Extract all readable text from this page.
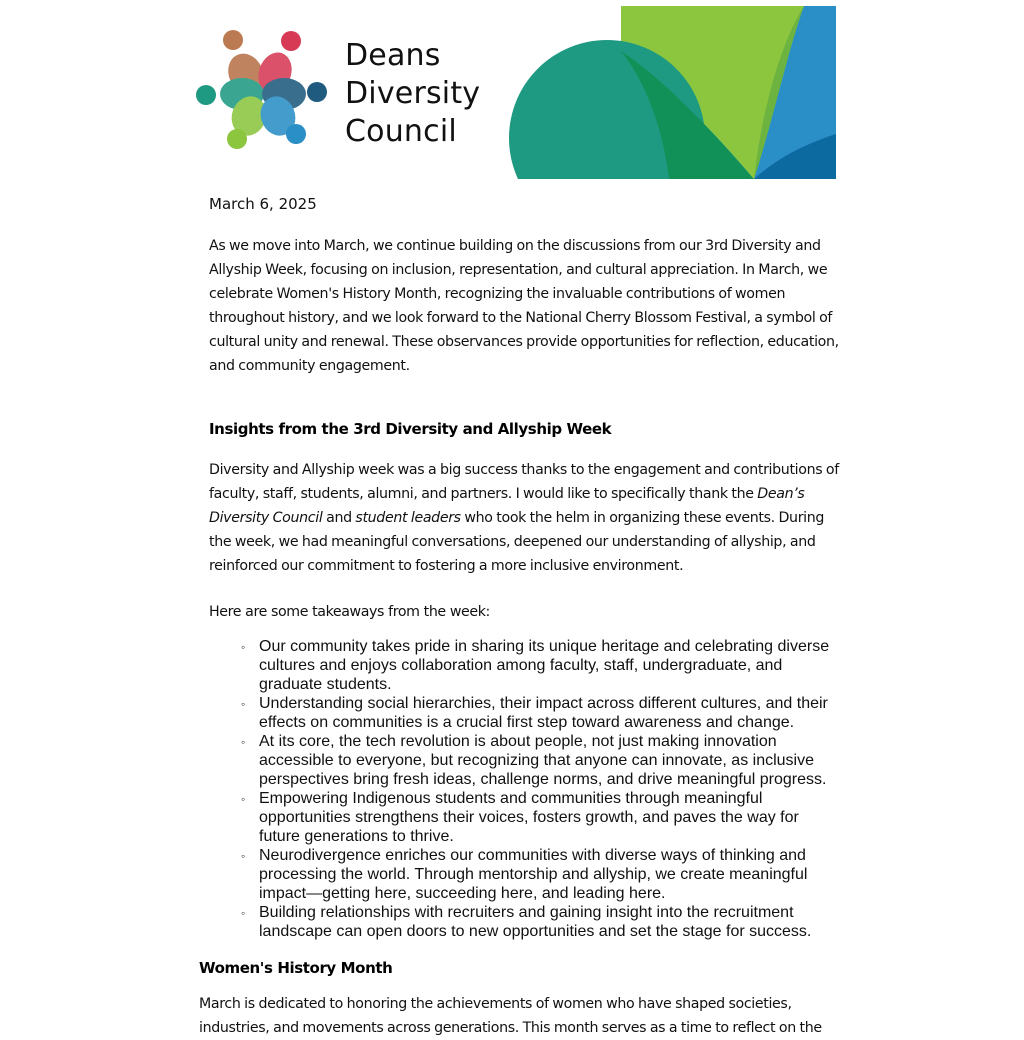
Deans
Diversity
Council
March 6, 2025

As we move into March, we continue building on the discussions from our 3rd Diversity and Allyship Week, focusing on inclusion, representation, and cultural appreciation. In March, we celebrate Women's History Month, recognizing the invaluable contributions of women throughout history, and we look forward to the National Cherry Blossom Festival, a symbol of cultural unity and renewal. These observances provide opportunities for reflection, education, and community engagement.

Insights from the 3rd Diversity and Allyship Week

Diversity and Allyship week was a big success thanks to the engagement and contributions of faculty, staff, students, alumni, and partners. I would like to specifically thank the Dean’s Diversity Council and student leaders who took the helm in organizing these events. During the week, we had meaningful conversations, deepened our understanding of allyship, and reinforced our commitment to fostering a more inclusive environment.

Here are some takeaways from the week:
◦ Our community takes pride in sharing its unique heritage and celebrating diverse cultures and enjoys collaboration among faculty, staff, undergraduate, and graduate students.
◦ Understanding social hierarchies, their impact across different cultures, and their effects on communities is a crucial first step toward awareness and change.
◦ At its core, the tech revolution is about people, not just making innovation accessible to everyone, but recognizing that anyone can innovate, as inclusive perspectives bring fresh ideas, challenge norms, and drive meaningful progress.
◦ Empowering Indigenous students and communities through meaningful opportunities strengthens their voices, fosters growth, and paves the way for future generations to thrive.
◦ Neurodivergence enriches our communities with diverse ways of thinking and processing the world. Through mentorship and allyship, we create meaningful impact—getting here, succeeding here, and leading here.
◦ Building relationships with recruiters and gaining insight into the recruitment landscape can open doors to new opportunities and set the stage for success.
Women's History Month

March is dedicated to honoring the achievements of women who have shaped societies, industries, and movements across generations. This month serves as a time to reflect on the
